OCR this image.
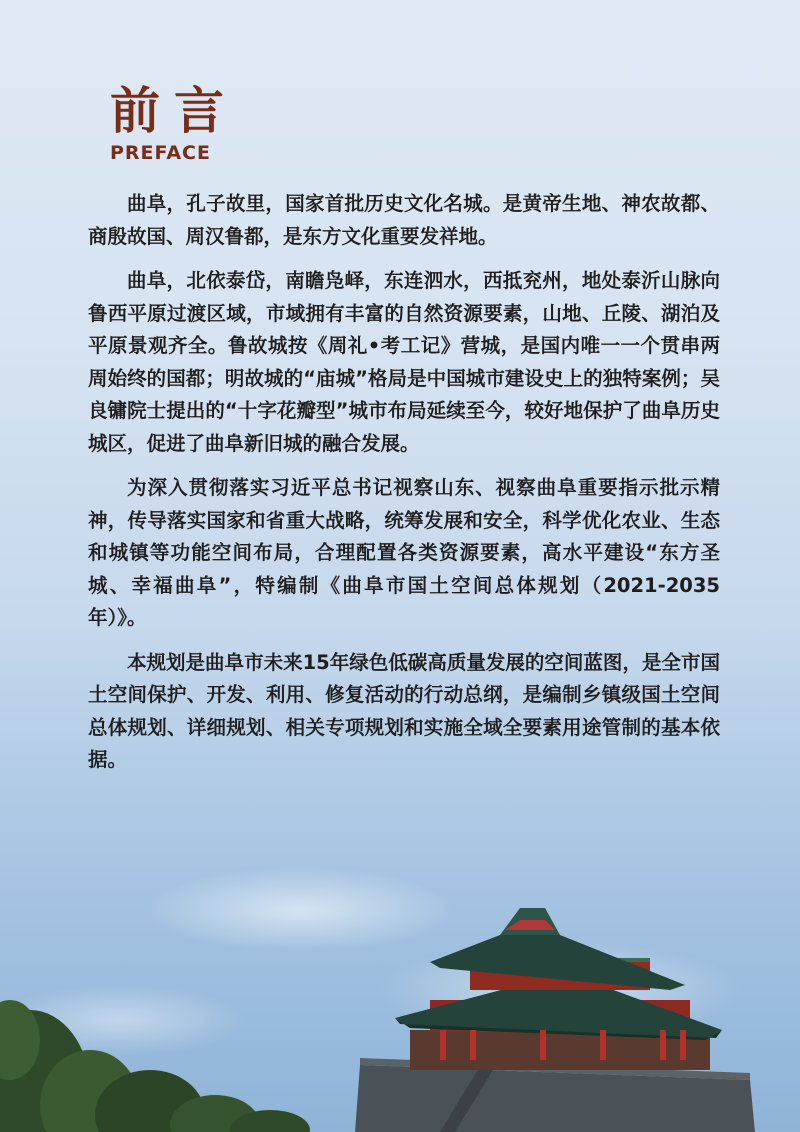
前言
PREFACE

曲阜，孔子故里，国家首批历史文化名城。是黄帝生地、神农故都、商殷故国、周汉鲁都，是东方文化重要发祥地。

曲阜，北依泰岱，南瞻凫峄，东连泗水，西抵兖州，地处泰沂山脉向鲁西平原过渡区域，市域拥有丰富的自然资源要素，山地、丘陵、湖泊及平原景观齐全。鲁故城按《周礼•考工记》营城，是国内唯一一个贯串两周始终的国都；明故城的“庙城”格局是中国城市建设史上的独特案例；吴良镛院士提出的“十字花瓣型”城市布局延续至今，较好地保护了曲阜历史城区，促进了曲阜新旧城的融合发展。

为深入贯彻落实习近平总书记视察山东、视察曲阜重要指示批示精神，传导落实国家和省重大战略，统筹发展和安全，科学优化农业、生态和城镇等功能空间布局，合理配置各类资源要素，高水平建设“东方圣城、幸福曲阜”，特编制《曲阜市国土空间总体规划（2021-2035年）》。

本规划是曲阜市未来15年绿色低碳高质量发展的空间蓝图，是全市国土空间保护、开发、利用、修复活动的行动总纲，是编制乡镇级国土空间总体规划、详细规划、相关专项规划和实施全域全要素用途管制的基本依据。
